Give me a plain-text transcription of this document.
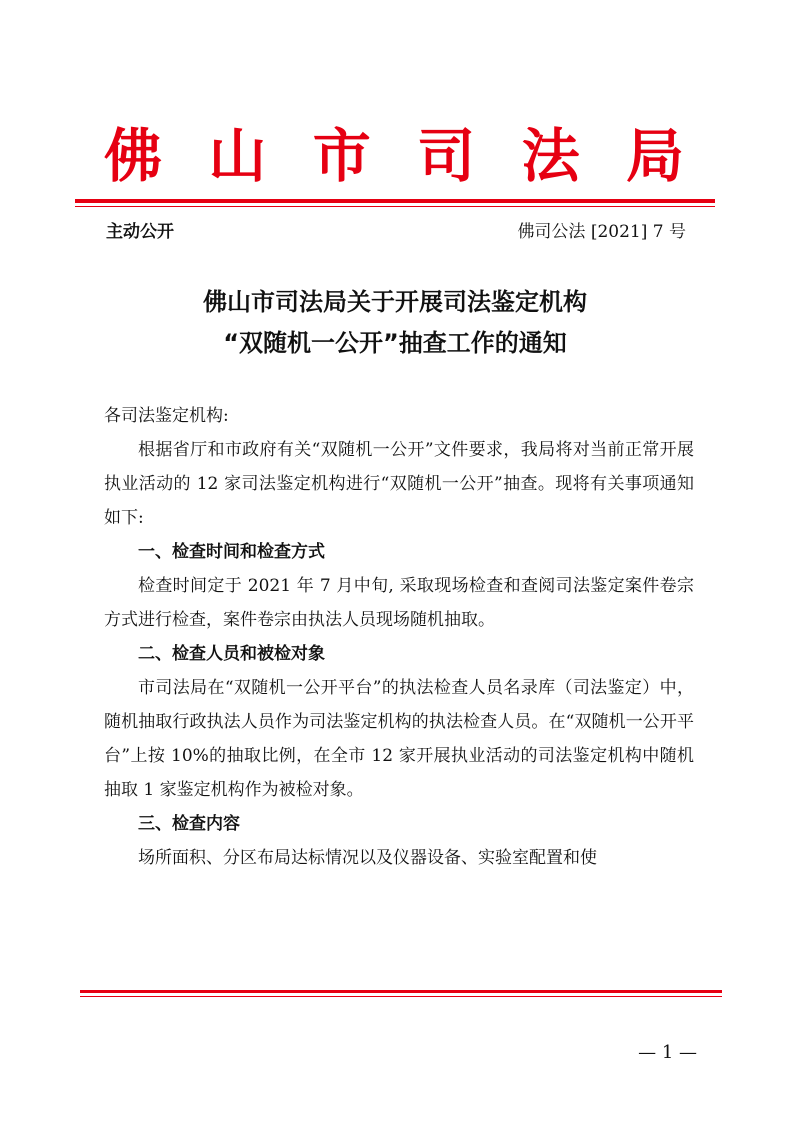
佛 山 市 司 法 局
主动公开	佛司公法 [2021] 7 号
佛山市司法局关于开展司法鉴定机构
“双随机一公开”抽查工作的通知

各司法鉴定机构:

根据省厅和市政府有关“双随机一公开”文件要求，我局将对当前正常开展执业活动的 12 家司法鉴定机构进行“双随机一公开”抽查。现将有关事项通知如下:

一、检查时间和检查方式

检查时间定于 2021 年 7 月中旬, 采取现场检查和查阅司法鉴定案件卷宗方式进行检查，案件卷宗由执法人员现场随机抽取。

二、检查人员和被检对象

市司法局在“双随机一公开平台”的执法检查人员名录库（司法鉴定）中，随机抽取行政执法人员作为司法鉴定机构的执法检查人员。在“双随机一公开平台”上按 10%的抽取比例，在全市 12 家开展执业活动的司法鉴定机构中随机抽取 1 家鉴定机构作为被检对象。

三、检查内容

场所面积、分区布局达标情况以及仪器设备、实验室配置和使

— 1 —
